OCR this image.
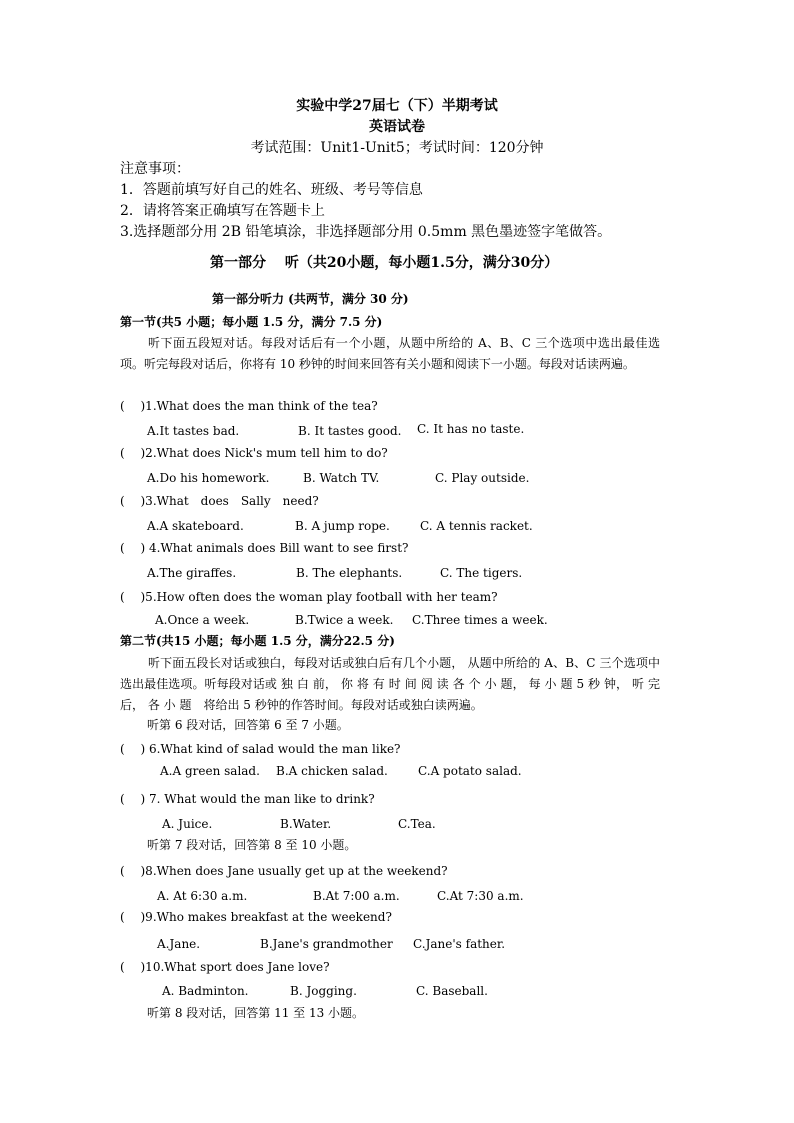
实验中学27届七（下）半期考试
英语试卷
考试范围：Unit1-Unit5；考试时间：120分钟
注意事项：
1．答题前填写好自己的姓名、班级、考号等信息
2．请将答案正确填写在答题卡上
3.选择题部分用 2B 铅笔填涂，非选择题部分用 0.5mm 黑色墨迹签字笔做答。
第一部分　 听（共20小题，每小题1.5分，满分30分）
第一部分听力 (共两节，满分 30 分)
第一节(共5 小题；每小题 1.5 分，满分 7.5 分)
听下面五段短对话。每段对话后有一个小题，从题中所给的 A、B、C 三个选项中选出最佳选项。听完每段对话后，你将有 10 秒钟的时间来回答有关小题和阅读下一小题。每段对话读两遍。
(　 )1.What does the man think of the tea?
A.It tastes bad.	B. It tastes good. C. It has no taste.
(　 )2.What does Nick's mum tell him to do?
A.Do his homework.	B. Watch TV.	C. Play outside.
(　 )3.What　does　Sally　need?
A.A skateboard.	B. A jump rope.	C. A tennis racket.
(　 ) 4.What animals does Bill want to see first?
A.The giraffes.	B. The elephants.	C. The tigers.
(　 )5.How often does the woman play football with her team?
A.Once a week.	B.Twice a week. C.Three times a week.
第二节(共15 小题；每小题 1.5 分，满分22.5 分)
听下面五段长对话或独白，每段对话或独白后有几个小题， 从题中所给的 A、B、C 三个选项中选出最佳选项。听每段对话或 独 白 前， 你 将 有 时 间 阅 读 各 个 小 题， 每 小 题 5 秒 钟， 听 完 后， 各 小 题　将给出 5 秒钟的作答时间。每段对话或独白读两遍。
听第 6 段对话，回答第 6 至 7 小题。
(　 ) 6.What kind of salad would the man like?
A.A green salad. B.A chicken salad.	C.A potato salad.
(　 ) 7. What would the man like to drink?
A. Juice.	B.Water.	C.Tea.
听第 7 段对话，回答第 8 至 10 小题。
(　 )8.When does Jane usually get up at the weekend?
A. At 6:30 a.m.	B.At 7:00 a.m.	C.At 7:30 a.m.
(　 )9.Who makes breakfast at the weekend?
A.Jane.	B.Jane's grandmother C.Jane's father.
(　 )10.What sport does Jane love?
A. Badminton.	B. Jogging.	C. Baseball.
听第 8 段对话，回答第 11 至 13 小题。
